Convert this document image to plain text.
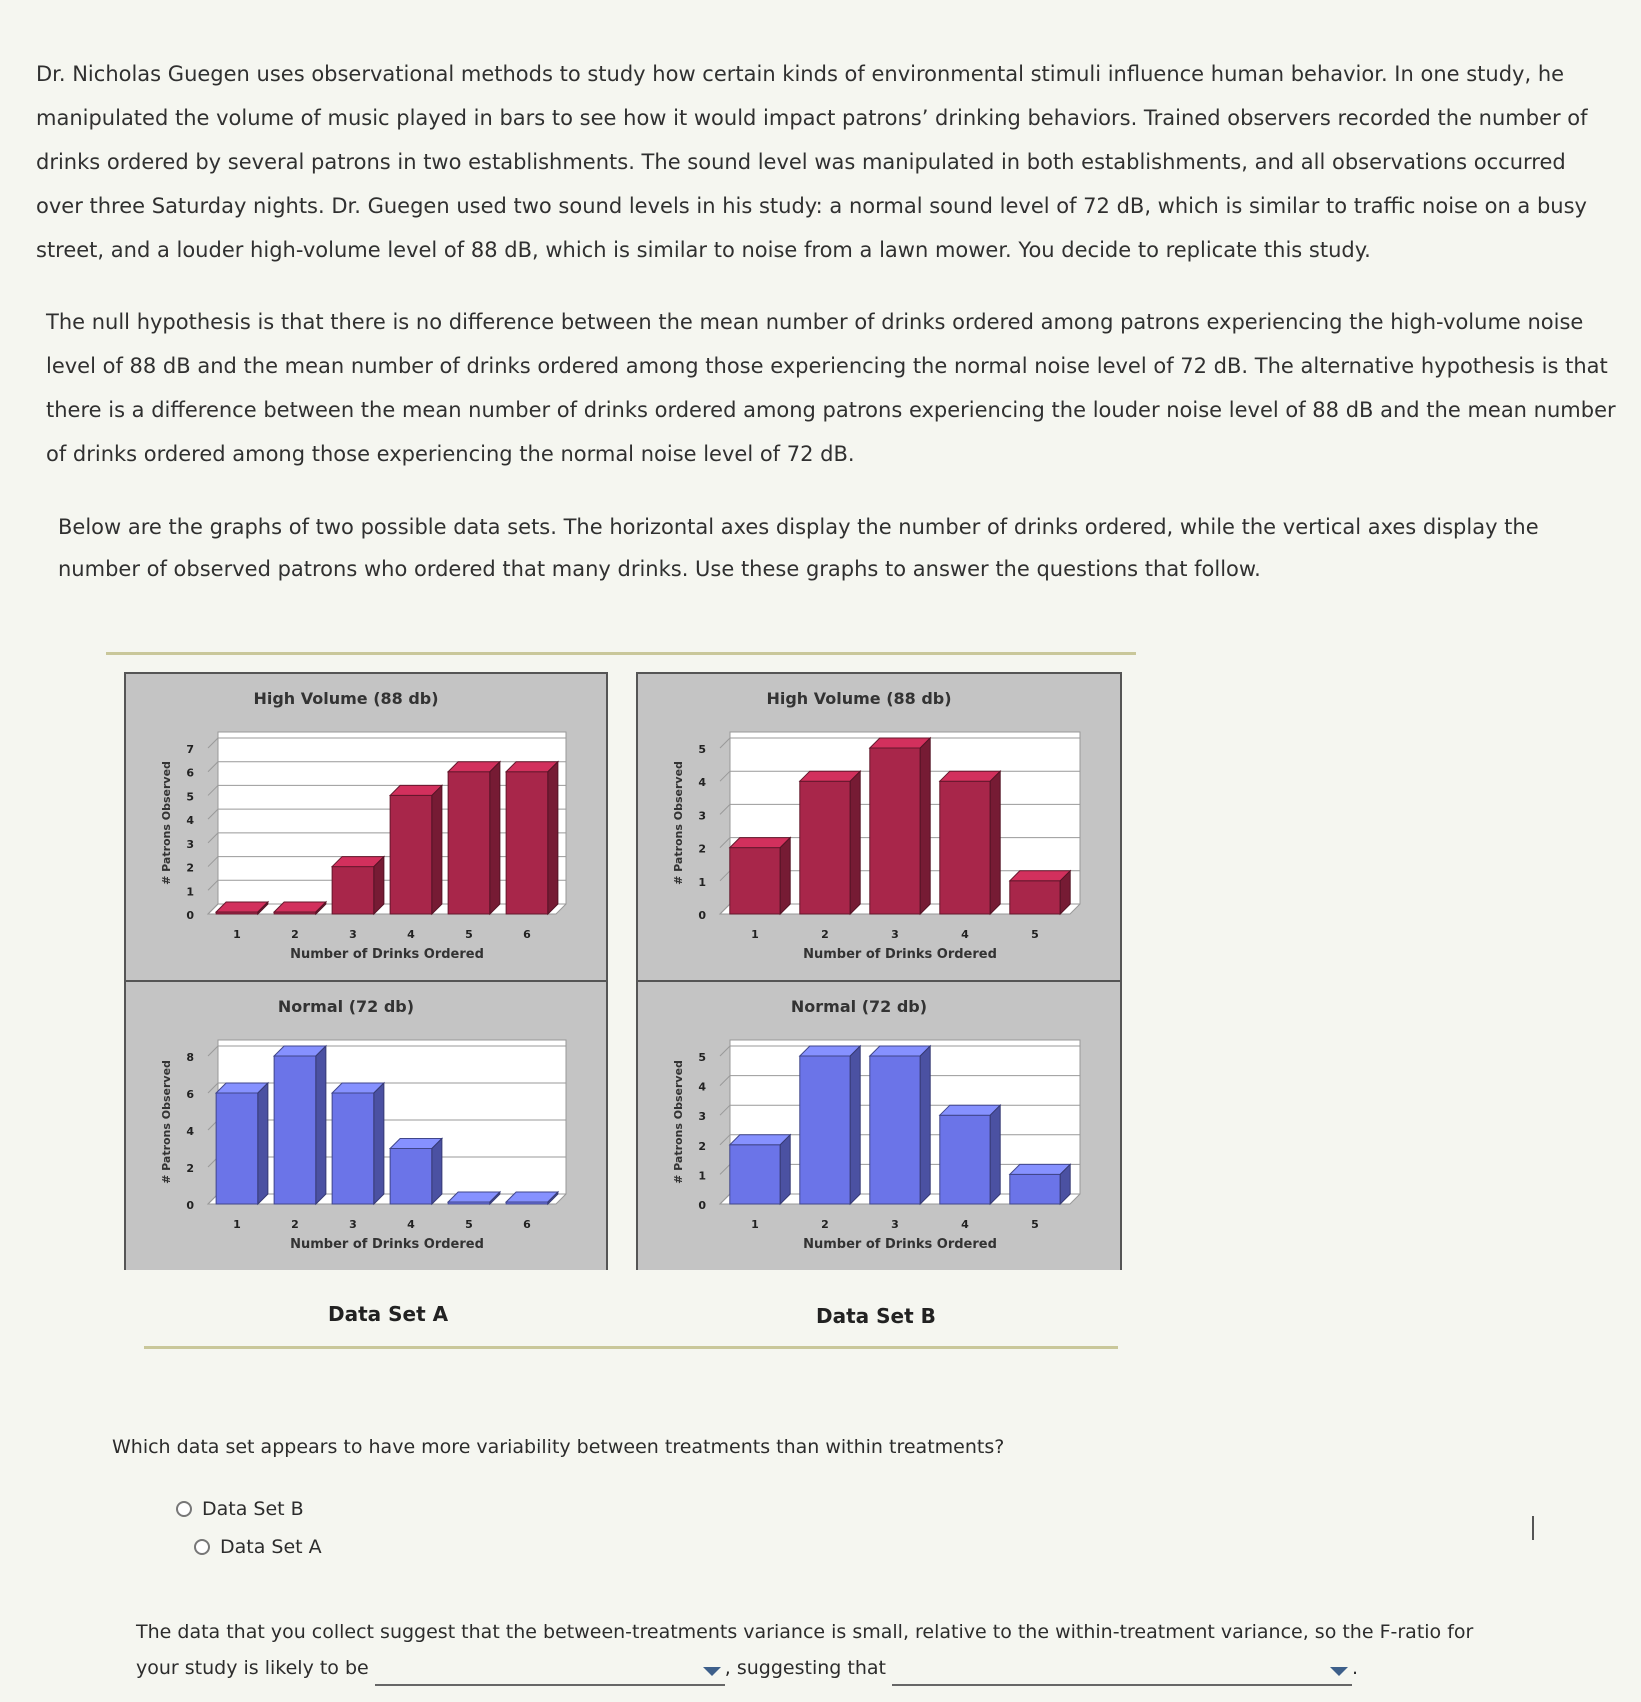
Dr. Nicholas Guegen uses observational methods to study how certain kinds of environmental stimuli influence human behavior. In one study, he manipulated the volume of music played in bars to see how it would impact patrons’ drinking behaviors. Trained observers recorded the number of drinks ordered by several patrons in two establishments. The sound level was manipulated in both establishments, and all observations occurred over three Saturday nights. Dr. Guegen used two sound levels in his study: a normal sound level of 72 dB, which is similar to traffic noise on a busy street, and a louder high-volume level of 88 dB, which is similar to noise from a lawn mower. You decide to replicate this study.

The null hypothesis is that there is no difference between the mean number of drinks ordered among patrons experiencing the high-volume noise level of 88 dB and the mean number of drinks ordered among those experiencing the normal noise level of 72 dB. The alternative hypothesis is that there is a difference between the mean number of drinks ordered among patrons experiencing the louder noise level of 88 dB and the mean number of drinks ordered among those experiencing the normal noise level of 72 dB.

Below are the graphs of two possible data sets. The horizontal axes display the number of drinks ordered, while the vertical axes display the number of observed patrons who ordered that many drinks. Use these graphs to answer the questions that follow.

High Volume (88 db)
0
1
2
3
4
5
6
7
# Patrons Observed
1	2	3	4	5	6
Number of Drinks Ordered
Normal (72 db)
0
2
4
6
8
# Patrons Observed
1	2	3	4	5	6
Number of Drinks Ordered
High Volume (88 db)
0
1
2
3
4
5
# Patrons Observed
1	2	3	4	5
Number of Drinks Ordered
Normal (72 db)
0
1
2
3
4
5
# Patrons Observed
1	2	3	4	5
Number of Drinks Ordered
Data Set A	Data Set B
Which data set appears to have more variability between treatments than within treatments?
Data Set B
Data Set A
The data that you collect suggest that the between-treatments variance is small, relative to the within-treatment variance, so the F-ratio for your study is likely to be	, suggesting that	.
